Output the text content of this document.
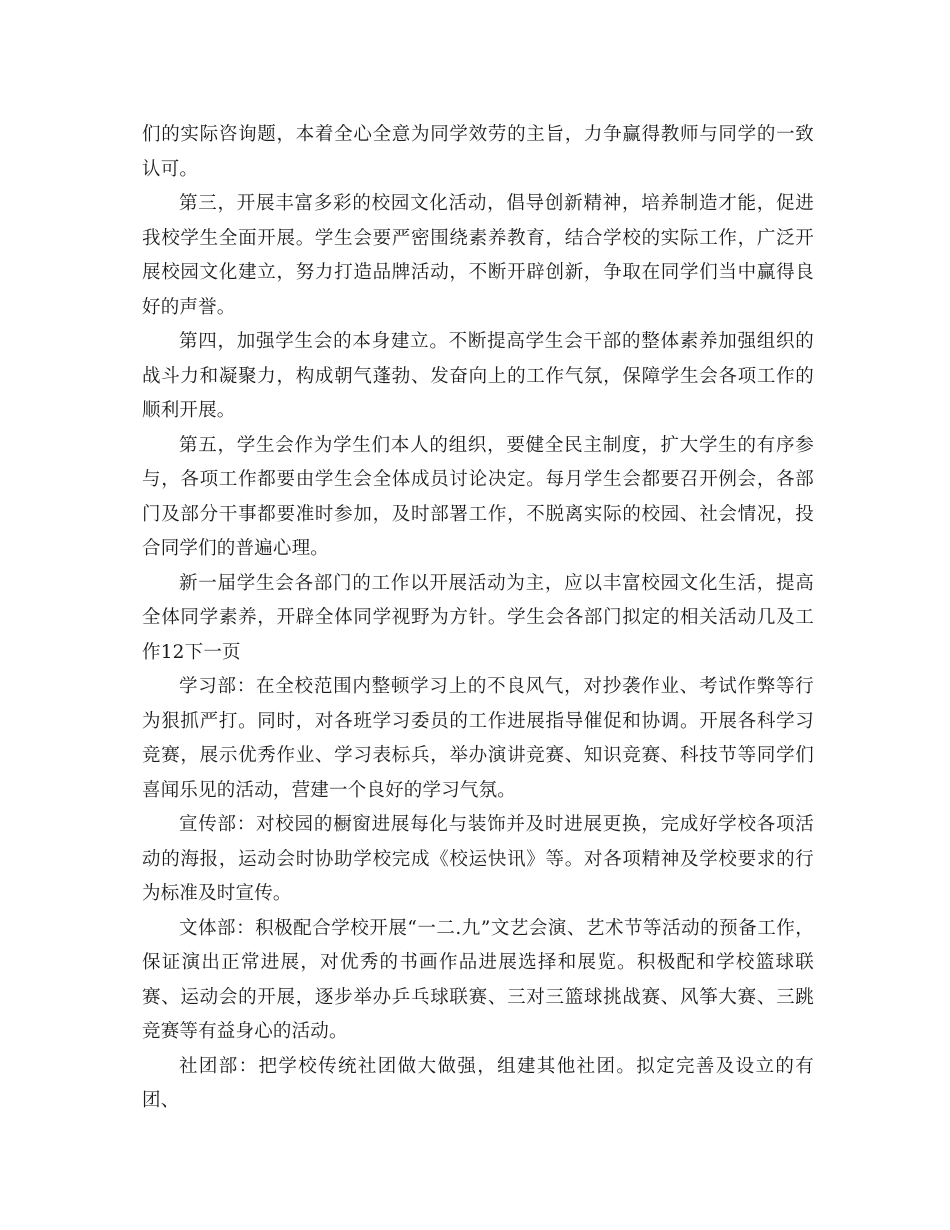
们的实际咨询题，本着全心全意为同学效劳的主旨，力争赢得教师与同学的一致认可。

第三，开展丰富多彩的校园文化活动，倡导创新精神，培养制造才能，促进我校学生全面开展。学生会要严密围绕素养教育，结合学校的实际工作，广泛开展校园文化建立，努力打造品牌活动，不断开辟创新，争取在同学们当中赢得良好的声誉。

第四，加强学生会的本身建立。不断提高学生会干部的整体素养加强组织的战斗力和凝聚力，构成朝气蓬勃、发奋向上的工作气氛，保障学生会各项工作的顺利开展。

第五，学生会作为学生们本人的组织，要健全民主制度，扩大学生的有序参与，各项工作都要由学生会全体成员讨论决定。每月学生会都要召开例会，各部门及部分干事都要准时参加，及时部署工作，不脱离实际的校园、社会情况，投合同学们的普遍心理。

新一届学生会各部门的工作以开展活动为主，应以丰富校园文化生活，提高全体同学素养，开辟全体同学视野为方针。学生会各部门拟定的相关活动几及工作12下一页

学习部：在全校范围内整顿学习上的不良风气，对抄袭作业、考试作弊等行为狠抓严打。同时，对各班学习委员的工作进展指导催促和协调。开展各科学习竞赛，展示优秀作业、学习表标兵，举办演讲竞赛、知识竞赛、科技节等同学们喜闻乐见的活动，营建一个良好的学习气氛。

宣传部：对校园的橱窗进展每化与装饰并及时进展更换，完成好学校各项活动的海报，运动会时协助学校完成《校运快讯》等。对各项精神及学校要求的行为标准及时宣传。

文体部：积极配合学校开展“一二.九”文艺会演、艺术节等活动的预备工作，保证演出正常进展，对优秀的书画作品进展选择和展览。积极配和学校篮球联赛、运动会的开展，逐步举办乒乓球联赛、三对三篮球挑战赛、风筝大赛、三跳竞赛等有益身心的活动。

社团部：把学校传统社团做大做强，组建其他社团。拟定完善及设立的有团、
